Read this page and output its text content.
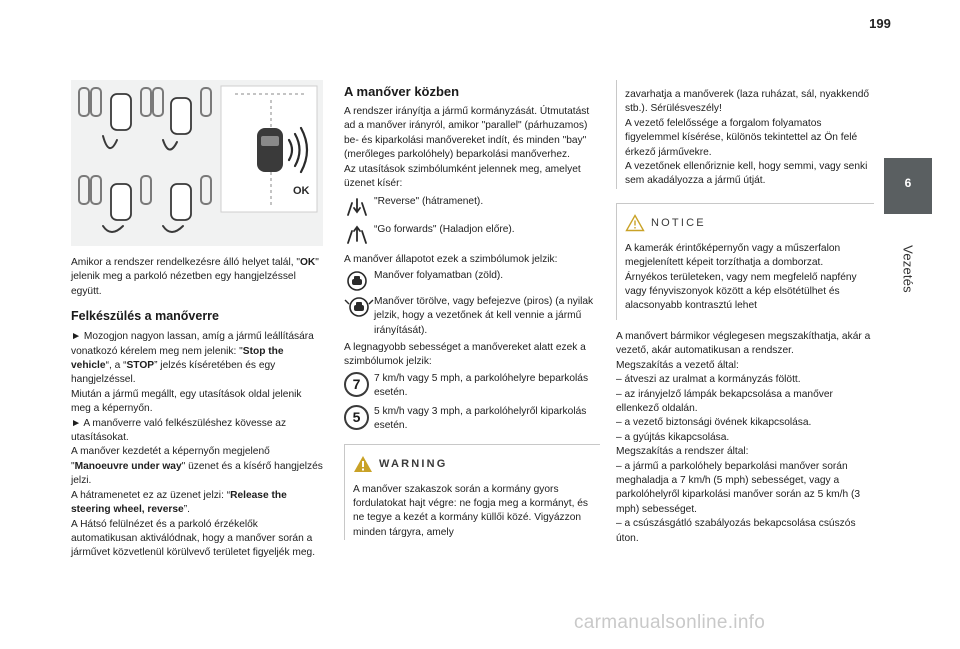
199
6
Vezetés
OK

Amikor a rendszer rendelkezésre álló helyet talál, "OK" jelenik meg a parkoló nézetben egy hangjelzéssel együtt.

Felkészülés a manőverre

► Mozogjon nagyon lassan, amíg a jármű leállítására vonatkozó kérelem meg nem jelenik: "Stop the vehicle“, a “STOP” jelzés kíséretében és egy hangjelzéssel.
Miután a jármű megállt, egy utasítások oldal jelenik meg a képernyőn.
► A manőverre való felkészüléshez kövesse az utasításokat.
A manőver kezdetét a képernyőn megjelenő "Manoeuvre under way" üzenet és a kísérő hangjelzés jelzi.
A hátramenetet ez az üzenet jelzi: “Release the steering wheel, reverse”.
A Hátsó felülnézet és a parkoló érzékelők automatikusan aktiválódnak, hogy a manőver során a járművet közvetlenül körülvevő területet figyeljék meg.

A manőver közben

A rendszer irányítja a jármű kormányzását. Útmutatást ad a manőver irányról, amikor "parallel" (párhuzamos) be- és kiparkolási manővereket indít, és minden "bay" (merőleges parkolóhely) beparkolási manőverhez.
Az utasítások szimbólumként jelennek meg, amelyet üzenet kísér:

"Reverse" (hátramenet).
“Go forwards" (Haladjon előre).

A manőver állapotot ezek a szimbólumok jelzik:

Manőver folyamatban (zöld).
Manőver törölve, vagy befejezve (piros) (a nyilak jelzik, hogy a vezetőnek át kell vennie a jármű irányítását).

A legnagyobb sebességet a manővereket alatt ezek a szimbólumok jelzik:

7	7 km/h vagy 5 mph, a parkolóhelyre beparkolás esetén.
5	5 km/h vagy 3 mph, a parkolóhelyről kiparkolás esetén.
WARNING

A manőver szakaszok során a kormány gyors fordulatokat hajt végre: ne fogja meg a kormányt, és ne tegye a kezét a kormány küllői közé. Vigyázzon minden tárgyra, amely

zavarhatja a manőverek (laza ruházat, sál, nyakkendő stb.). Sérülésveszély!
A vezető felelőssége a forgalom folyamatos figyelemmel kísérése, különös tekintettel az Ön felé érkező járművekre.
A vezetőnek ellenőriznie kell, hogy semmi, vagy senki sem akadályozza a jármű útját.

NOTICE

A kamerák érintőképernyőn vagy a műszerfalon megjelenített képeit torzíthatja a domborzat.
Árnyékos területeken, vagy nem megfelelő napfény vagy fényviszonyok között a kép elsötétülhet és alacsonyabb kontrasztú lehet

A manővert bármikor véglegesen megszakíthatja, akár a vezető, akár automatikusan a rendszer.
Megszakítás a vezető által:
– átveszi az uralmat a kormányzás fölött.
– az irányjelző lámpák bekapcsolása a manőver ellenkező oldalán.
– a vezető biztonsági övének kikapcsolása.
– a gyújtás kikapcsolása.
Megszakítás a rendszer által:
– a jármű a parkolóhely beparkolási manőver során meghaladja a 7 km/h (5 mph) sebességet, vagy a parkolóhelyről kiparkolási manőver során az 5 km/h (3 mph) sebességet.
– a csúszásgátló szabályozás bekapcsolása csúszós úton.

carmanualsonline.info
